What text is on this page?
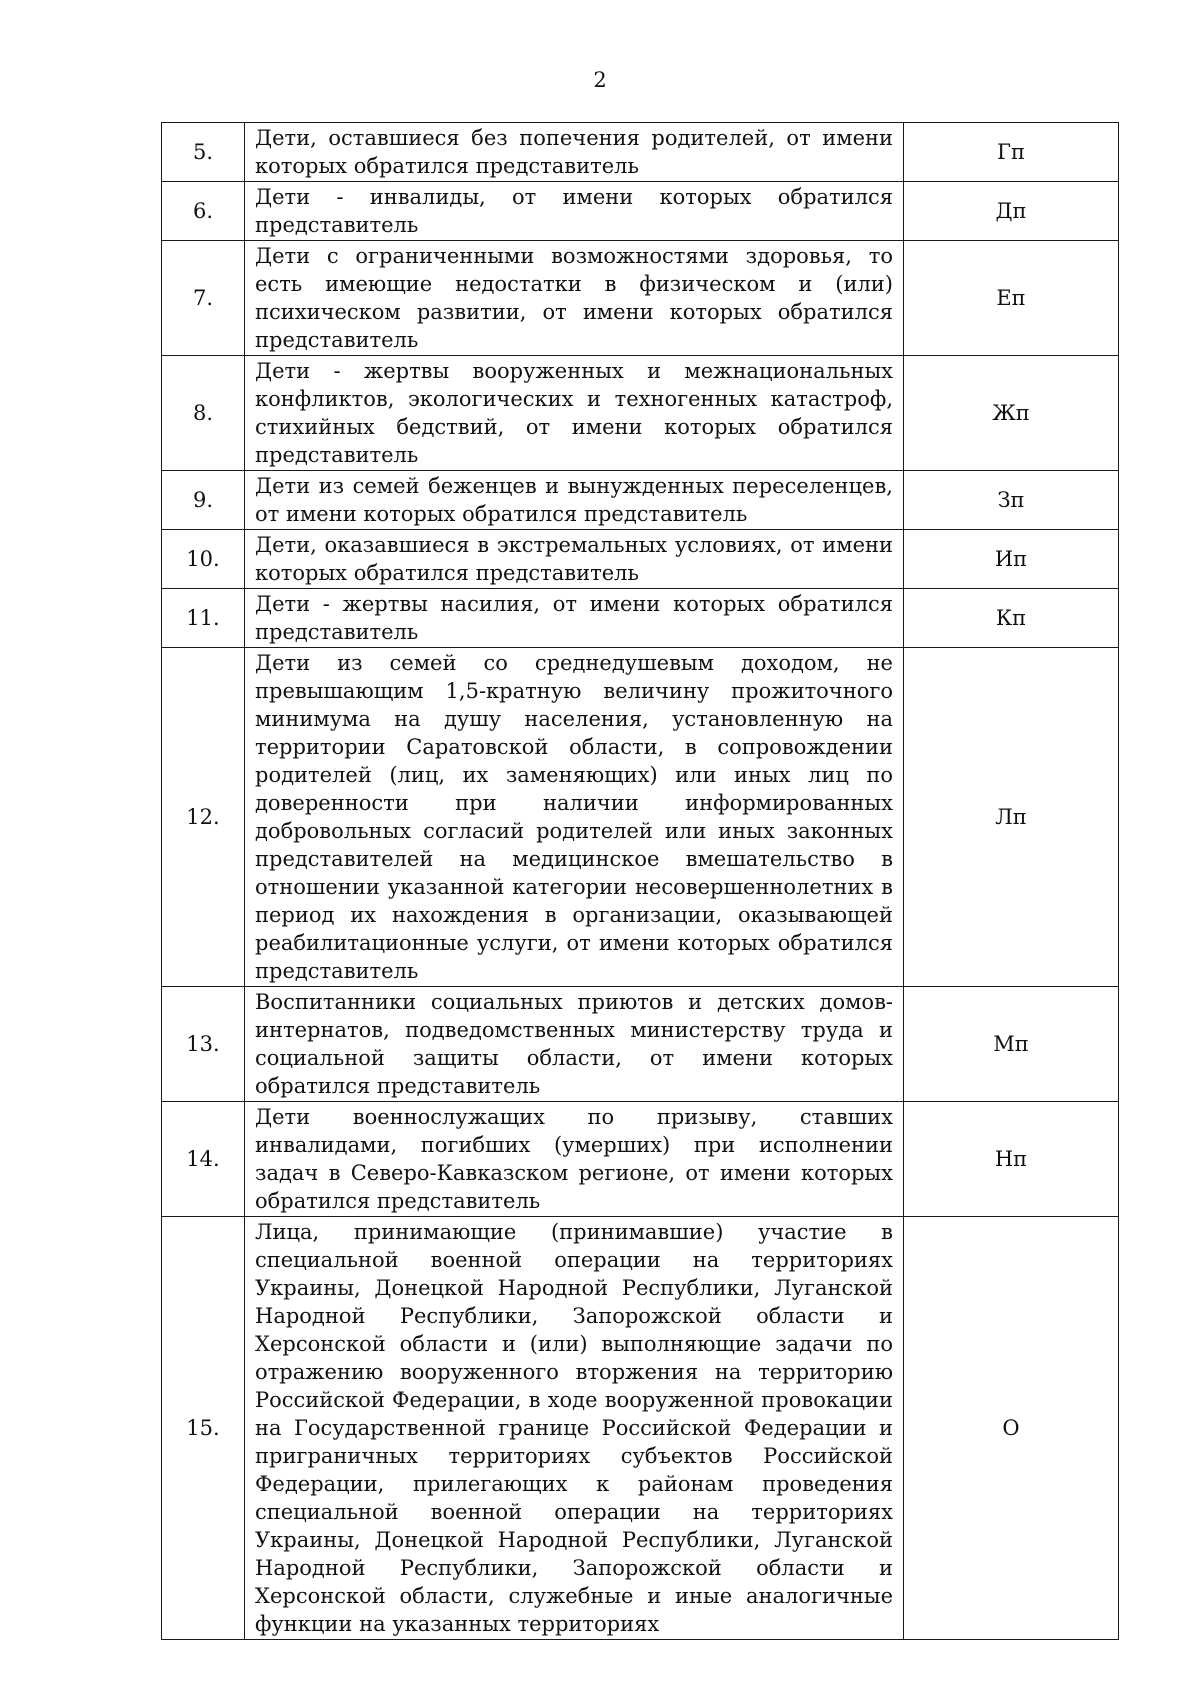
2
5.	Дети, оставшиеся без попечения родителей, от имени которых обратился представитель	Гп
6.	Дети - инвалиды, от имени которых обратился представитель	Дп
7.	Дети с ограниченными возможностями здоровья, то есть имеющие недостатки в физическом и (или) психическом развитии, от имени которых обратился представитель	Еп
8.	Дети - жертвы вооруженных и межнациональных конфликтов, экологических и техногенных катастроф, стихийных бедствий, от имени которых обратился представитель	Жп
9.	Дети из семей беженцев и вынужденных переселенцев, от имени которых обратился представитель	Зп
10.	Дети, оказавшиеся в экстремальных условиях, от имени которых обратился представитель	Ип
11.	Дети - жертвы насилия, от имени которых обратился представитель	Кп
12.	Дети из семей со среднедушевым доходом, не превышающим 1,5-кратную величину прожиточного минимума на душу населения, установленную на территории Саратовской области, в сопровождении родителей (лиц, их заменяющих) или иных лиц по доверенности при наличии информированных добровольных согласий родителей или иных законных представителей на медицинское вмешательство в отношении указанной категории несовершеннолетних в период их нахождения в организации, оказывающей реабилитационные услуги, от имени которых обратился представитель	Лп
13.	Воспитанники социальных приютов и детских домов-интернатов, подведомственных министерству труда и социальной защиты области, от имени которых обратился представитель	Мп
14.	Дети военнослужащих по призыву, ставших инвалидами, погибших (умерших) при исполнении задач в Северо-Кавказском регионе, от имени которых обратился представитель	Нп
15.	Лица, принимающие (принимавшие) участие в специальной военной операции на территориях Украины, Донецкой Народной Республики, Луганской Народной Республики, Запорожской области и Херсонской области и (или) выполняющие задачи по отражению вооруженного вторжения на территорию Российской Федерации, в ходе вооруженной провокации на Государственной границе Российской Федерации и приграничных территориях субъектов Российской Федерации, прилегающих к районам проведения специальной военной операции на территориях Украины, Донецкой Народной Республики, Луганской Народной Республики, Запорожской области и Херсонской области, служебные и иные аналогичные функции на указанных территориях	О
